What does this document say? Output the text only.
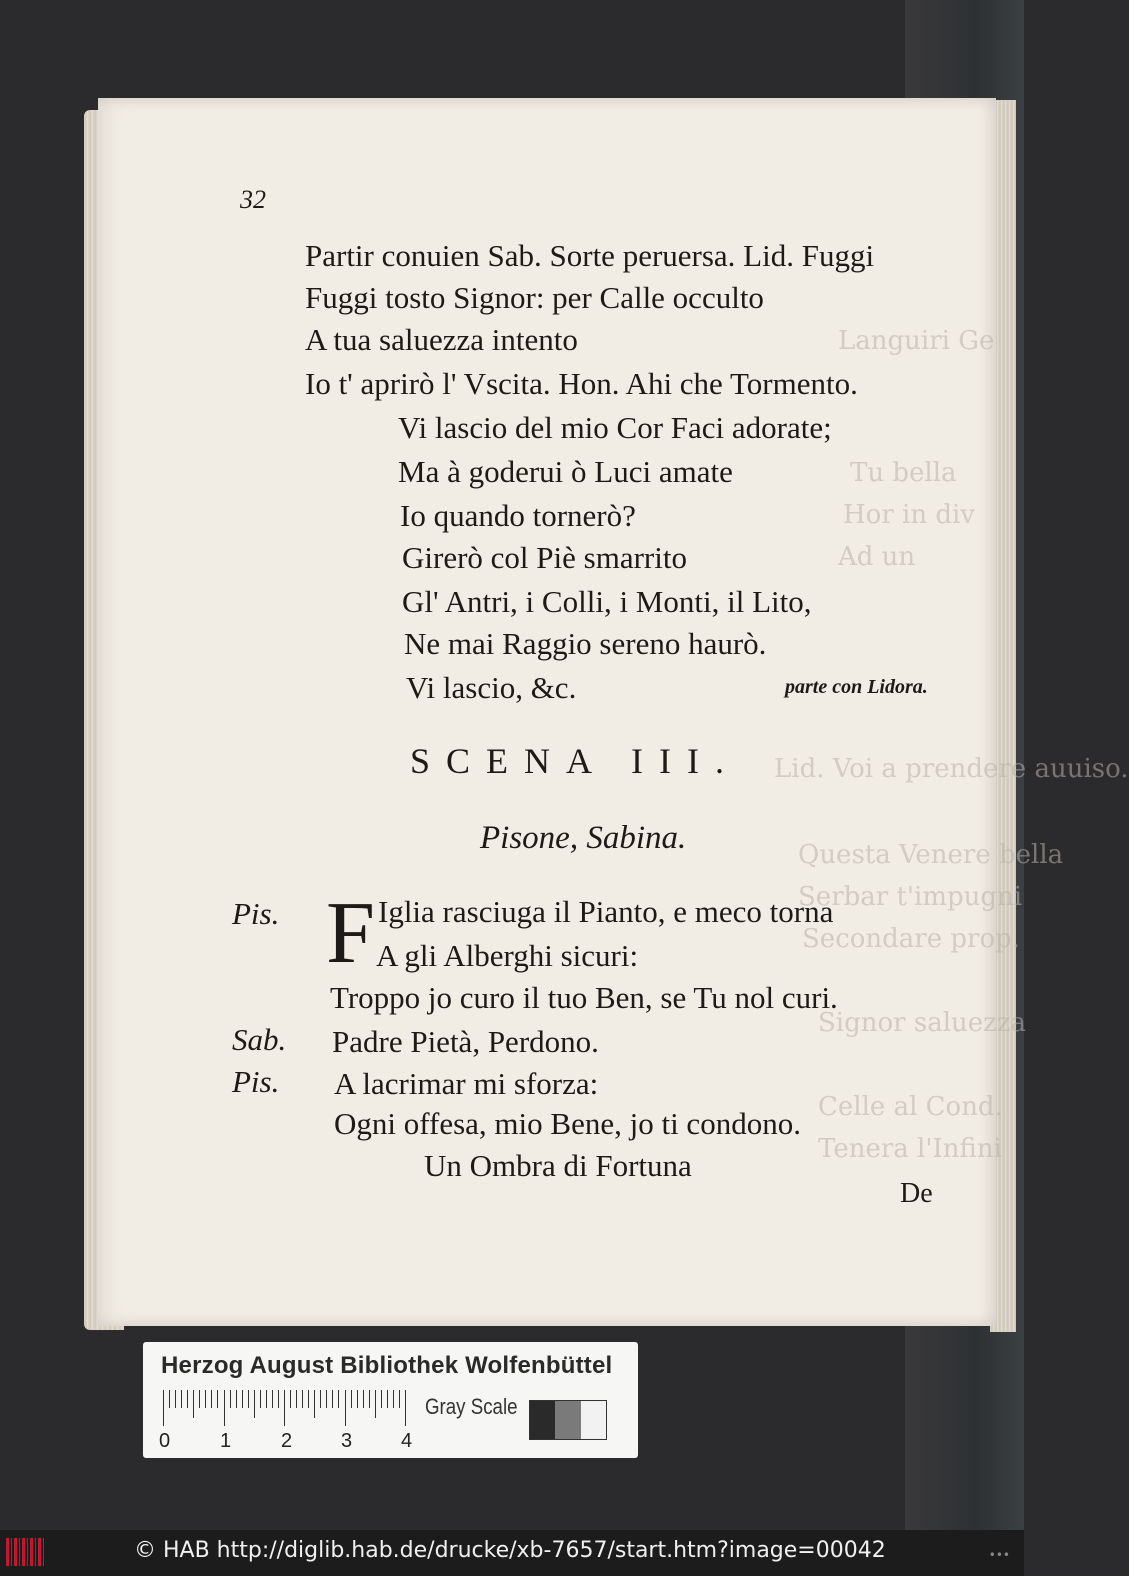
Languiri Ge
Tu bella
Hor in div
Ad un
Lid. Voi a prendere auuiso.
Questa Venere bella
Serbar t'impugni
Secondare prop.
Signor saluezza
Celle al Cond.
Tenera l'Infini
32
Partir conuien Sab. Sorte peruersa. Lid. Fuggi
Fuggi tosto Signor: per Calle occulto
A tua saluezza intento
Io t' aprirò l' Vscita. Hon. Ahi che Tormento.
Vi lascio del mio Cor Faci adorate;
Ma à goderui ò Luci amate
Io quando tornerò?
Girerò col Piè smarrito
Gl' Antri, i Colli, i Monti, il Lito,
Ne mai Raggio sereno haurò.
Vi lascio, &c.	parte con Lidora.
SCENA III.
Pisone, Sabina.
Pis. F Iglia rasciuga il Pianto, e meco torna
A gli Alberghi sicuri:
Troppo jo curo il tuo Ben, se Tu nol curi.
Sab. Padre Pietà, Perdono.
Pis. A lacrimar mi sforza:
Ogni offesa, mio Bene, jo ti condono.
Un Ombra di Fortuna
De
Herzog August Bibliothek Wolfenbüttel
0 1 2 3 4
Gray Scale
© HAB http://diglib.hab.de/drucke/xb-7657/start.htm?image=00042	•••
